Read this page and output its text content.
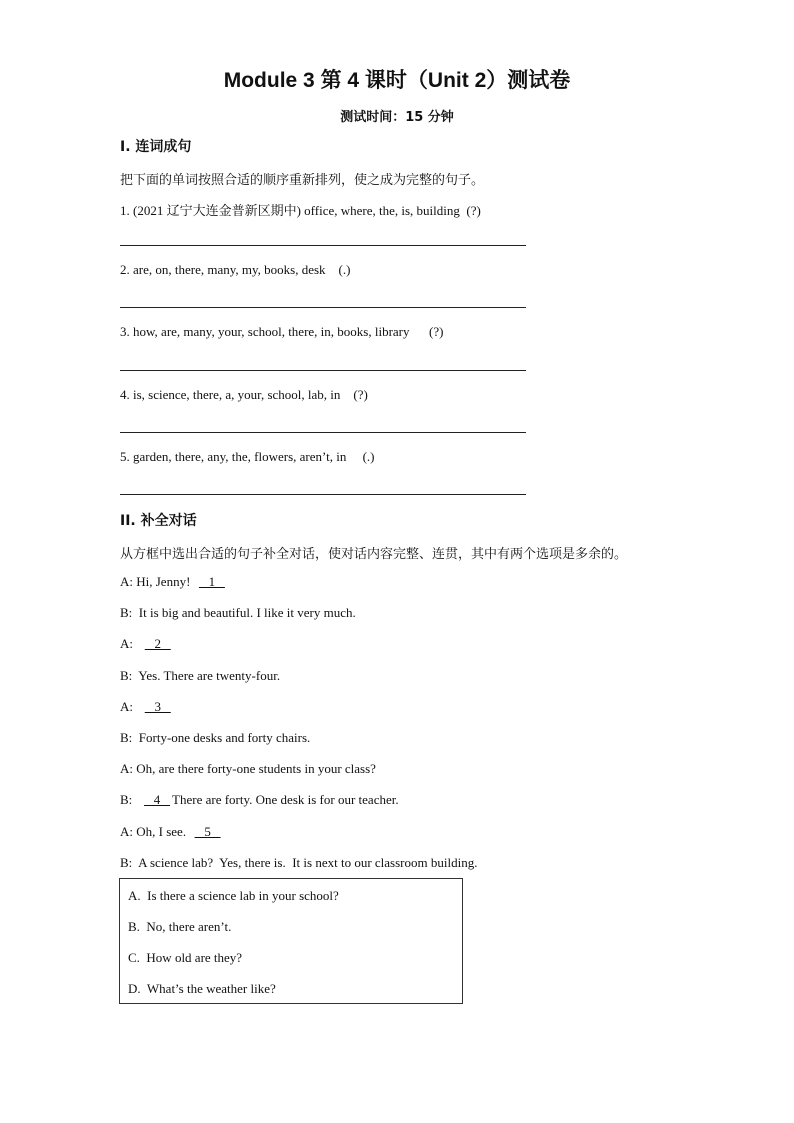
Module 3 第 4 课时（Unit 2）测试卷
测试时间：15 分钟
I. 连词成句
把下面的单词按照合适的顺序重新排列，使之成为完整的句子。
1. (2021 辽宁大连金普新区期中) office, where, the, is, building  (?)
2. are, on, there, many, my, books, desk    (.)
3. how, are, many, your, school, there, in, books, library      (?)
4. is, science, there, a, your, school, lab, in    (?)
5. garden, there, any, the, flowers, aren’t, in     (.)
II. 补全对话
从方框中选出合适的句子补全对话，使对话内容完整、连贯，其中有两个选项是多余的。
A: Hi, Jenny!     1
B:  It is big and beautiful. I like it very much.
A:      2
B:  Yes. There are twenty-four.
A:      3
B:  Forty-one desks and forty chairs.
A: Oh, are there forty-one students in your class?
B:      4   There are forty. One desk is for our teacher.
A: Oh, I see.     5
B:  A science lab?  Yes, there is.  It is next to our classroom building.
A.  Is there a science lab in your school?
B.  No, there aren’t.
C.  How old are they?
D.  What’s the weather like?
